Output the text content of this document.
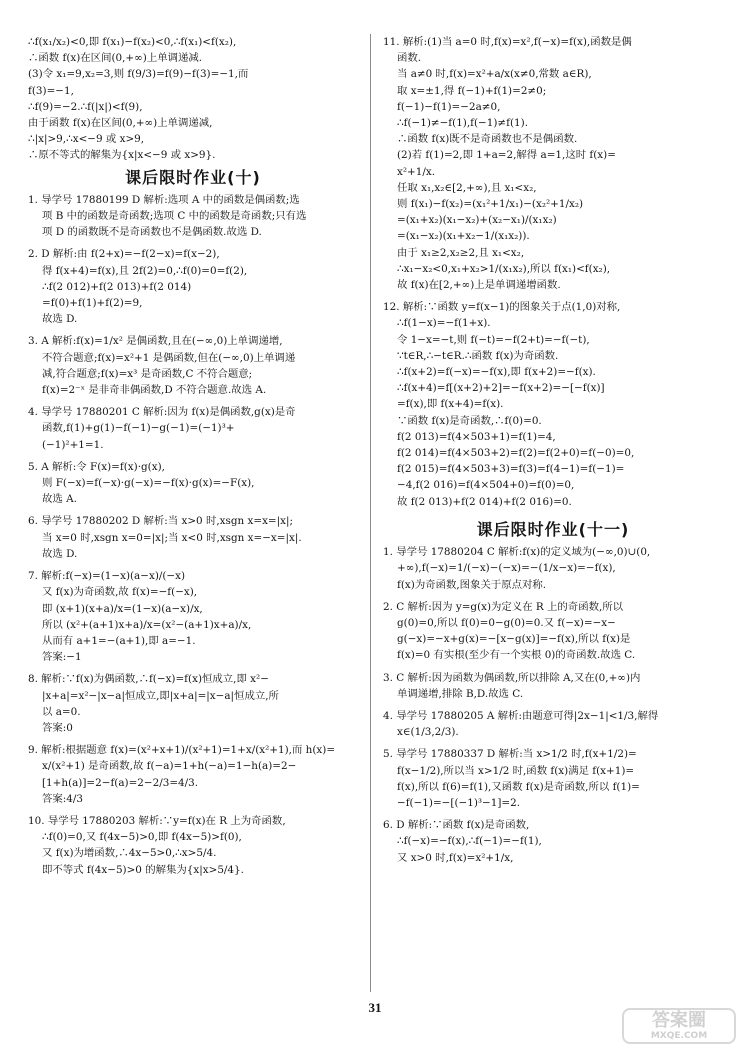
∴f(x₁/x₂)<0,即 f(x₁)−f(x₂)<0,∴f(x₁)<f(x₂),
∴函数 f(x)在区间(0,+∞)上单调递减.
(3)令 x₁=9,x₂=3,则 f(9/3)=f(9)−f(3)=−1,而
f(3)=−1,
∴f(9)=−2.∴f(|x|)<f(9),
由于函数 f(x)在区间(0,+∞)上单调递减,
∴|x|>9,∴x<−9 或 x>9,
∴原不等式的解集为{x|x<−9 或 x>9}.
课后限时作业(十)
1. 导学号 17880199 D 解析:选项 A 中的函数是偶函数;选
项 B 中的函数是奇函数;选项 C 中的函数是奇函数;只有选
项 D 的函数既不是奇函数也不是偶函数.故选 D.
2. D 解析:由 f(2+x)=−f(2−x)=f(x−2),
得 f(x+4)=f(x),且 2f(2)=0,∴f(0)=0=f(2),
∴f(2 012)+f(2 013)+f(2 014)
=f(0)+f(1)+f(2)=9,
故选 D.
3. A 解析:f(x)=1/x² 是偶函数,且在(−∞,0)上单调递增,
不符合题意;f(x)=x²+1 是偶函数,但在(−∞,0)上单调递
减,符合题意;f(x)=x³ 是奇函数,C 不符合题意;
f(x)=2⁻ˣ 是非奇非偶函数,D 不符合题意.故选 A.
4. 导学号 17880201 C 解析:因为 f(x)是偶函数,g(x)是奇
函数,f(1)+g(1)−f(−1)−g(−1)=(−1)³+
(−1)²+1=1.
5. A 解析:令 F(x)=f(x)·g(x),
则 F(−x)=f(−x)·g(−x)=−f(x)·g(x)=−F(x),
故选 A.
6. 导学号 17880202 D 解析:当 x>0 时,xsgn x=x=|x|;
当 x=0 时,xsgn x=0=|x|;当 x<0 时,xsgn x=−x=|x|.
故选 D.
7. 解析:f(−x)=(1−x)(a−x)/(−x)
又 f(x)为奇函数,故 f(x)=−f(−x),
即 (x+1)(x+a)/x=(1−x)(a−x)/x,
所以 (x²+(a+1)x+a)/x=(x²−(a+1)x+a)/x,
从而有 a+1=−(a+1),即 a=−1.
答案:−1
8. 解析:∵f(x)为偶函数,∴f(−x)=f(x)恒成立,即 x²−
|x+a|=x²−|x−a|恒成立,即|x+a|=|x−a|恒成立,所
以 a=0.
答案:0
9. 解析:根据题意 f(x)=(x²+x+1)/(x²+1)=1+x/(x²+1),而 h(x)=
x/(x²+1) 是奇函数,故 f(−a)=1+h(−a)=1−h(a)=2−
[1+h(a)]=2−f(a)=2−2/3=4/3.
答案:4/3
10. 导学号 17880203 解析:∵y=f(x)在 R 上为奇函数,
∴f(0)=0,又 f(4x−5)>0,即 f(4x−5)>f(0),
又 f(x)为增函数,∴4x−5>0,∴x>5/4.
即不等式 f(4x−5)>0 的解集为{x|x>5/4}.
11. 解析:(1)当 a=0 时,f(x)=x²,f(−x)=f(x),函数是偶
函数.
当 a≠0 时,f(x)=x²+a/x(x≠0,常数 a∈R),
取 x=±1,得 f(−1)+f(1)=2≠0;
f(−1)−f(1)=−2a≠0,
∴f(−1)≠−f(1),f(−1)≠f(1).
∴函数 f(x)既不是奇函数也不是偶函数.
(2)若 f(1)=2,即 1+a=2,解得 a=1,这时 f(x)=
x²+1/x.
任取 x₁,x₂∈[2,+∞),且 x₁<x₂,
则 f(x₁)−f(x₂)=(x₁²+1/x₁)−(x₂²+1/x₂)
=(x₁+x₂)(x₁−x₂)+(x₂−x₁)/(x₁x₂)
=(x₁−x₂)(x₁+x₂−1/(x₁x₂)).
由于 x₁≥2,x₂≥2,且 x₁<x₂,
∴x₁−x₂<0,x₁+x₂>1/(x₁x₂),所以 f(x₁)<f(x₂),
故 f(x)在[2,+∞)上是单调递增函数.
12. 解析:∵函数 y=f(x−1)的图象关于点(1,0)对称,
∴f(1−x)=−f(1+x).
令 1−x=−t,则 f(−t)=−f(2+t)=−f(−t),
∵t∈R,∴−t∈R.∴函数 f(x)为奇函数.
∴f(x+2)=f(−x)=−f(x),即 f(x+2)=−f(x).
∴f(x+4)=f[(x+2)+2]=−f(x+2)=−[−f(x)]
=f(x),即 f(x+4)=f(x).
∵函数 f(x)是奇函数,∴f(0)=0.
f(2 013)=f(4×503+1)=f(1)=4,
f(2 014)=f(4×503+2)=f(2)=f(2+0)=f(−0)=0,
f(2 015)=f(4×503+3)=f(3)=f(4−1)=f(−1)=
−4,f(2 016)=f(4×504+0)=f(0)=0,
故 f(2 013)+f(2 014)+f(2 016)=0.
课后限时作业(十一)
1. 导学号 17880204 C 解析:f(x)的定义域为(−∞,0)∪(0,
+∞),f(−x)=1/(−x)−(−x)=−(1/x−x)=−f(x),
f(x)为奇函数,图象关于原点对称.
2. C 解析:因为 y=g(x)为定义在 R 上的奇函数,所以
g(0)=0,所以 f(0)=0−g(0)=0.又 f(−x)=−x−
g(−x)=−x+g(x)=−[x−g(x)]=−f(x),所以 f(x)是
f(x)=0 有实根(至少有一个实根 0)的奇函数.故选 C.
3. C 解析:因为函数为偶函数,所以排除 A,又在(0,+∞)内
单调递增,排除 B,D.故选 C.
4. 导学号 17880205 A 解析:由题意可得|2x−1|<1/3,解得
x∈(1/3,2/3).
5. 导学号 17880337 D 解析:当 x>1/2 时,f(x+1/2)=
f(x−1/2),所以当 x>1/2 时,函数 f(x)满足 f(x+1)=
f(x),所以 f(6)=f(1),又函数 f(x)是奇函数,所以 f(1)=
−f(−1)=−[(−1)³−1]=2.
6. D 解析:∵函数 f(x)是奇函数,
∴f(−x)=−f(x),∴f(−1)=−f(1),
又 x>0 时,f(x)=x²+1/x,
31
答案圈
MXQE.COM
